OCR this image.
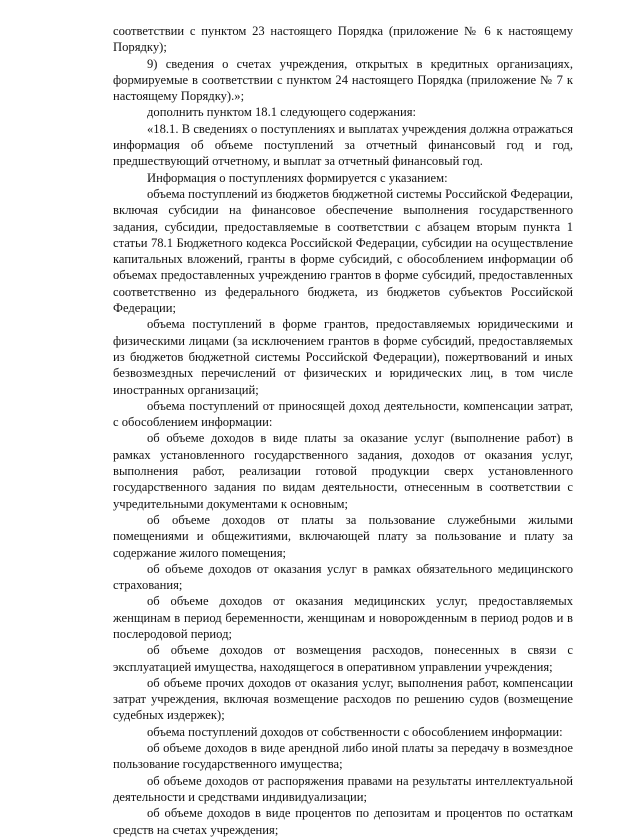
соответствии с пунктом 23 настоящего Порядка (приложение № 6 к настоящему Порядку);

9) сведения о счетах учреждения, открытых в кредитных организациях, формируемые в соответствии с пунктом 24 настоящего Порядка (приложение № 7 к настоящему Порядку).»;

дополнить пунктом 18.1 следующего содержания:

«18.1. В сведениях о поступлениях и выплатах учреждения должна отражаться информация об объеме поступлений за отчетный финансовый год и год, предшествующий отчетному, и выплат за отчетный финансовый год.

Информация о поступлениях формируется с указанием:

объема поступлений из бюджетов бюджетной системы Российской Федерации, включая субсидии на финансовое обеспечение выполнения государственного задания, субсидии, предоставляемые в соответствии с абзацем вторым пункта 1 статьи 78.1 Бюджетного кодекса Российской Федерации, субсидии на осуществление капитальных вложений, гранты в форме субсидий, с обособлением информации об объемах предоставленных учреждению грантов в форме субсидий, предоставленных соответственно из федерального бюджета, из бюджетов субъектов Российской Федерации;

объема поступлений в форме грантов, предоставляемых юридическими и физическими лицами (за исключением грантов в форме субсидий, предоставляемых из бюджетов бюджетной системы Российской Федерации), пожертвований и иных безвозмездных перечислений от физических и юридических лиц, в том числе иностранных организаций;

объема поступлений от приносящей доход деятельности, компенсации затрат, с обособлением информации:

об объеме доходов в виде платы за оказание услуг (выполнение работ) в рамках установленного государственного задания, доходов от оказания услуг, выполнения работ, реализации готовой продукции сверх установленного государственного задания по видам деятельности, отнесенным в соответствии с учредительными документами к основным;

об объеме доходов от платы за пользование служебными жилыми помещениями и общежитиями, включающей плату за пользование и плату за содержание жилого помещения;

об объеме доходов от оказания услуг в рамках обязательного медицинского страхования;

об объеме доходов от оказания медицинских услуг, предоставляемых женщинам в период беременности, женщинам и новорожденным в период родов и в послеродовой период;

об объеме доходов от возмещения расходов, понесенных в связи с эксплуатацией имущества, находящегося в оперативном управлении учреждения;

об объеме прочих доходов от оказания услуг, выполнения работ, компенсации затрат учреждения, включая возмещение расходов по решению судов (возмещение судебных издержек);

объема поступлений доходов от собственности с обособлением информации:

об объеме доходов в виде арендной либо иной платы за передачу в возмездное пользование государственного имущества;

об объеме доходов от распоряжения правами на результаты интеллектуальной деятельности и средствами индивидуализации;

об объеме доходов в виде процентов по депозитам и процентов по остаткам средств на счетах учреждения;
